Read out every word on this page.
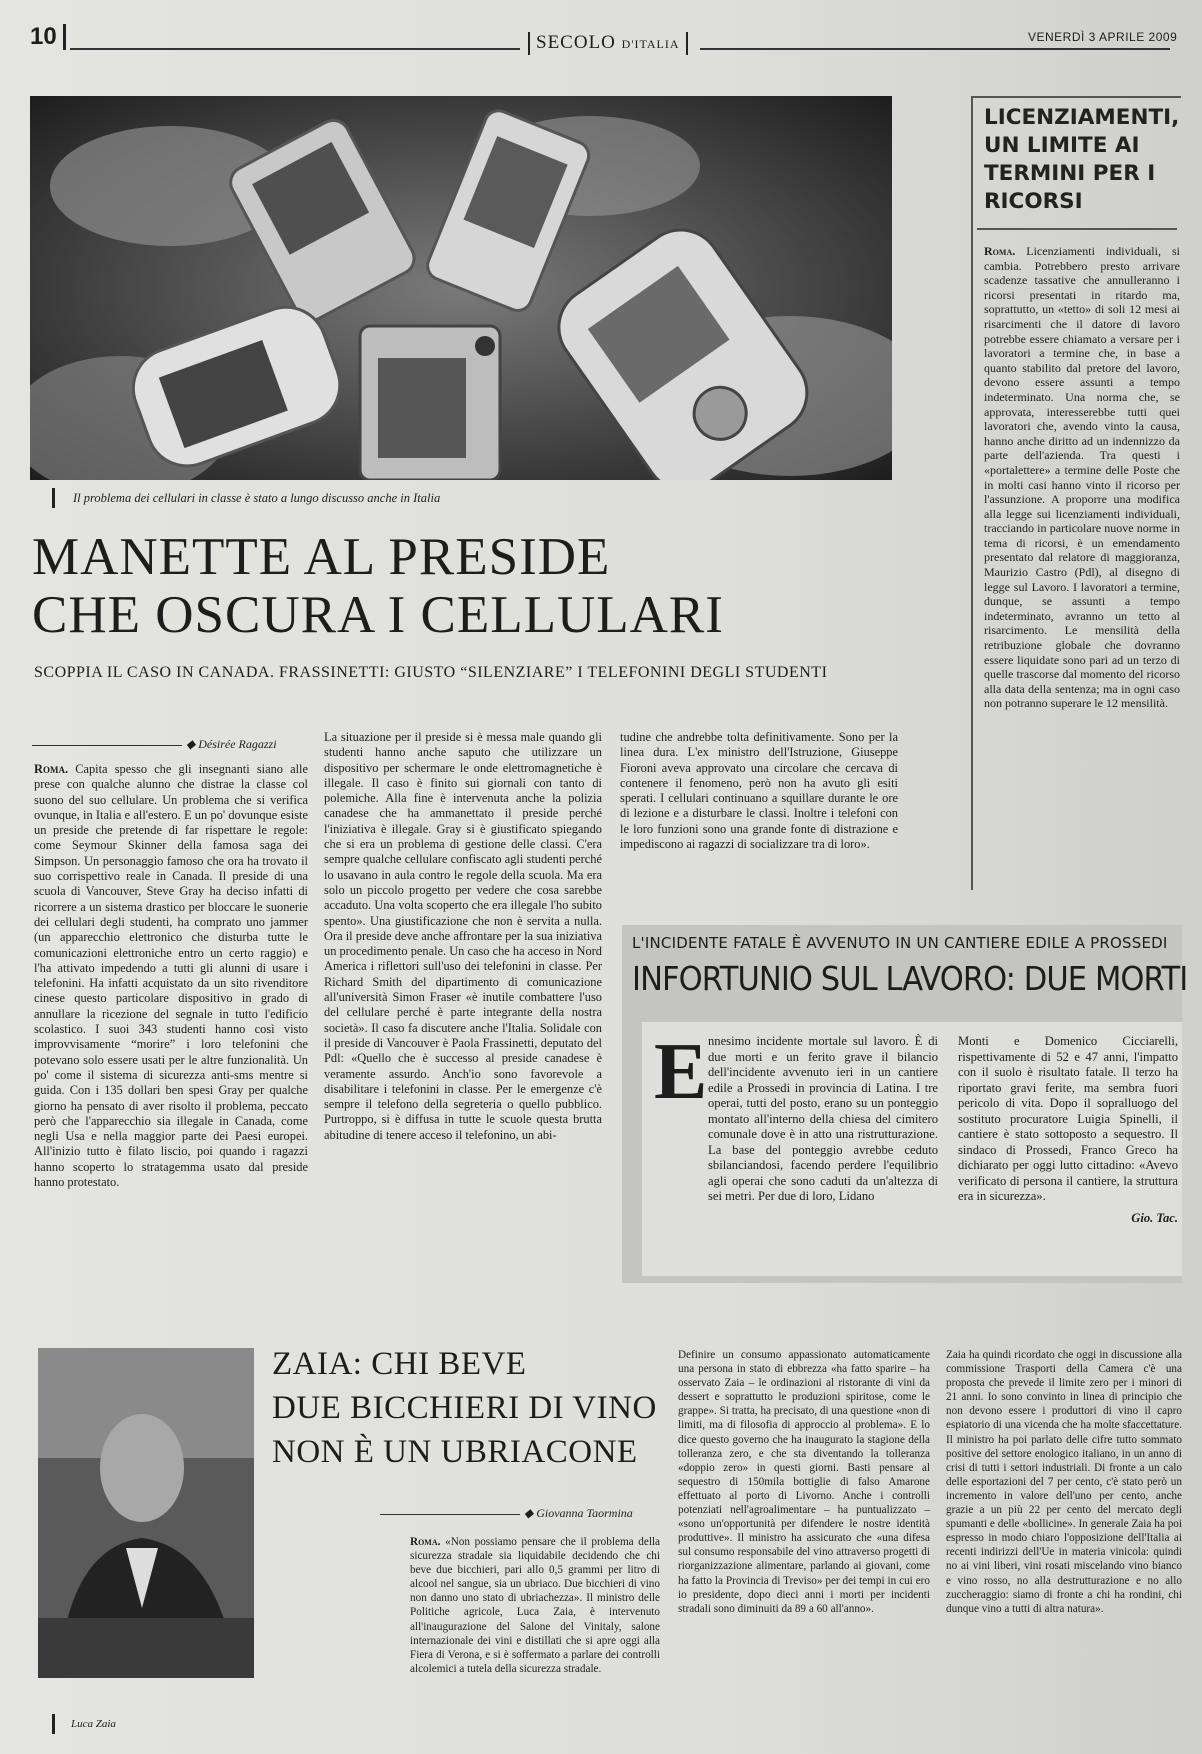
10	SECOLO D'ITALIA	VENERDÌ 3 APRILE 2009
Il problema dei cellulari in classe è stato a lungo discusso anche in Italia
MANETTE AL PRESIDE
CHE OSCURA I CELLULARI
SCOPPIA IL CASO IN CANADA. FRASSINETTI: GIUSTO “SILENZIARE” I TELEFONINI DEGLI STUDENTI
◆ Désirée Ragazzi
Roma. Capita spesso che gli insegnanti siano alle prese con qualche alunno che distrae la classe col suono del suo cellulare. Un problema che si verifica ovunque, in Italia e all'estero. E un po' dovunque esiste un preside che pretende di far rispettare le regole: come Seymour Skinner della famosa saga dei Simpson. Un personaggio famoso che ora ha trovato il suo corrispettivo reale in Canada. Il preside di una scuola di Vancouver, Steve Gray ha deciso infatti di ricorrere a un sistema drastico per bloccare le suonerie dei cellulari degli studenti, ha comprato uno jammer (un apparecchio elettronico che disturba tutte le comunicazioni elettroniche entro un certo raggio) e l'ha attivato impedendo a tutti gli alunni di usare i telefonini. Ha infatti acquistato da un sito rivenditore cinese questo particolare dispositivo in grado di annullare la ricezione del segnale in tutto l'edificio scolastico. I suoi 343 studenti hanno così visto improvvisamente “morire” i loro telefonini che potevano solo essere usati per le altre funzionalità. Un po' come il sistema di sicurezza anti-sms mentre si guida. Con i 135 dollari ben spesi Gray per qualche giorno ha pensato di aver risolto il problema, peccato però che l'apparecchio sia illegale in Canada, come negli Usa e nella maggior parte dei Paesi europei. All'inizio tutto è filato liscio, poi quando i ragazzi hanno scoperto lo stratagemma usato dal preside hanno protestato.
La situazione per il preside si è messa male quando gli studenti hanno anche saputo che utilizzare un dispositivo per schermare le onde elettromagnetiche è illegale. Il caso è finito sui giornali con tanto di polemiche. Alla fine è intervenuta anche la polizia canadese che ha ammanettato il preside perché l'iniziativa è illegale. Gray si è giustificato spiegando che si era un problema di gestione delle classi. C'era sempre qualche cellulare confiscato agli studenti perché lo usavano in aula contro le regole della scuola. Ma era solo un piccolo progetto per vedere che cosa sarebbe accaduto. Una volta scoperto che era illegale l'ho subito spento». Una giustificazione che non è servita a nulla. Ora il preside deve anche affrontare per la sua iniziativa un procedimento penale. Un caso che ha acceso in Nord America i riflettori sull'uso dei telefonini in classe. Per Richard Smith del dipartimento di comunicazione all'università Simon Fraser «è inutile combattere l'uso del cellulare perché è parte integrante della nostra società». Il caso fa discutere anche l'Italia. Solidale con il preside di Vancouver è Paola Frassinetti, deputato del Pdl: «Quello che è successo al preside canadese è veramente assurdo. Anch'io sono favorevole a disabilitare i telefonini in classe. Per le emergenze c'è sempre il telefono della segreteria o quello pubblico. Purtroppo, si è diffusa in tutte le scuole questa brutta abitudine di tenere acceso il telefonino, un abi-
tudine che andrebbe tolta definitivamente. Sono per la linea dura. L'ex ministro dell'Istruzione, Giuseppe Fioroni aveva approvato una circolare che cercava di contenere il fenomeno, però non ha avuto gli esiti sperati. I cellulari continuano a squillare durante le ore di lezione e a disturbare le classi. Inoltre i telefoni con le loro funzioni sono una grande fonte di distrazione e impediscono ai ragazzi di socializzare tra di loro».
LICENZIAMENTI, UN LIMITE AI TERMINI PER I RICORSI
Roma. Licenziamenti individuali, si cambia. Potrebbero presto arrivare scadenze tassative che annulleranno i ricorsi presentati in ritardo ma, soprattutto, un «tetto» di soli 12 mesi ai risarcimenti che il datore di lavoro potrebbe essere chiamato a versare per i lavoratori a termine che, in base a quanto stabilito dal pretore del lavoro, devono essere assunti a tempo indeterminato. Una norma che, se approvata, interesserebbe tutti quei lavoratori che, avendo vinto la causa, hanno anche diritto ad un indennizzo da parte dell'azienda. Tra questi i «portalettere» a termine delle Poste che in molti casi hanno vinto il ricorso per l'assunzione. A proporre una modifica alla legge sui licenziamenti individuali, tracciando in particolare nuove norme in tema di ricorsi, è un emendamento presentato dal relatore di maggioranza, Maurizio Castro (Pdl), al disegno di legge sul Lavoro. I lavoratori a termine, dunque, se assunti a tempo indeterminato, avranno un tetto al risarcimento. Le mensilità della retribuzione globale che dovranno essere liquidate sono pari ad un terzo di quelle trascorse dal momento del ricorso alla data della sentenza; ma in ogni caso non potranno superare le 12 mensilità.
L'INCIDENTE FATALE È AVVENUTO IN UN CANTIERE EDILE A PROSSEDI
INFORTUNIO SUL LAVORO: DUE MORTI
E nnesimo incidente mortale sul lavoro. È di due morti e un ferito grave il bilancio dell'incidente avvenuto ieri in un cantiere edile a Prossedi in provincia di Latina. I tre operai, tutti del posto, erano su un ponteggio montato all'interno della chiesa del cimitero comunale dove è in atto una ristrutturazione. La base del ponteggio avrebbe ceduto sbilanciandosi, facendo perdere l'equilibrio agli operai che sono caduti da un'altezza di sei metri. Per due di loro, Lidano
Monti e Domenico Cicciarelli, rispettivamente di 52 e 47 anni, l'impatto con il suolo è risultato fatale. Il terzo ha riportato gravi ferite, ma sembra fuori pericolo di vita. Dopo il sopralluogo del sostituto procuratore Luigia Spinelli, il cantiere è stato sottoposto a sequestro. Il sindaco di Prossedi, Franco Greco ha dichiarato per oggi lutto cittadino: «Avevo verificato di persona il cantiere, la struttura era in sicurezza».
Gio. Tac.
Luca Zaia
ZAIA: CHI BEVE
DUE BICCHIERI DI VINO
NON È UN UBRIACONE
◆ Giovanna Taormina
Roma. «Non possiamo pensare che il problema della sicurezza stradale sia liquidabile decidendo che chi beve due bicchieri, pari allo 0,5 grammi per litro di alcool nel sangue, sia un ubriaco. Due bicchieri di vino non danno uno stato di ubriachezza». Il ministro delle Politiche agricole, Luca Zaia, è intervenuto all'inaugurazione del Salone del Vinitaly, salone internazionale dei vini e distillati che si apre oggi alla Fiera di Verona, e si è soffermato a parlare dei controlli alcolemici a tutela della sicurezza stradale.
Definire un consumo appassionato automaticamente una persona in stato di ebbrezza «ha fatto sparire – ha osservato Zaia – le ordinazioni al ristorante di vini da dessert e soprattutto le produzioni spiritose, come le grappe». Si tratta, ha precisato, di una questione «non di limiti, ma di filosofia di approccio al problema». E lo dice questo governo che ha inaugurato la stagione della tolleranza zero, e che sta diventando la tolleranza «doppio zero» in questi giorni. Basti pensare al sequestro di 150mila bottiglie di falso Amarone effettuato al porto di Livorno. Anche i controlli potenziati nell'agroalimentare – ha puntualizzato – «sono un'opportunità per difendere le nostre identità produttive». Il ministro ha assicurato che «una difesa sul consumo responsabile del vino attraverso progetti di riorganizzazione alimentare, parlando ai giovani, come ha fatto la Provincia di Treviso» per dei tempi in cui ero io presidente, dopo dieci anni i morti per incidenti stradali sono diminuiti da 89 a 60 all'anno».
Zaia ha quindi ricordato che oggi in discussione alla commissione Trasporti della Camera c'è una proposta che prevede il limite zero per i minori di 21 anni. Io sono convinto in linea di principio che non devono essere i produttori di vino il capro espiatorio di una vicenda che ha molte sfaccettature. Il ministro ha poi parlato delle cifre tutto sommato positive del settore enologico italiano, in un anno di crisi di tutti i settori industriali. Di fronte a un calo delle esportazioni del 7 per cento, c'è stato però un incremento in valore dell'uno per cento, anche grazie a un più 22 per cento del mercato degli spumanti e delle «bollicine». In generale Zaia ha poi espresso in modo chiaro l'opposizione dell'Italia ai recenti indirizzi dell'Ue in materia vinicola: quindi no ai vini liberi, vini rosati miscelando vino bianco e vino rosso, no alla destrutturazione e no allo zuccheraggio: siamo di fronte a chi ha rondini, chi dunque vino a tutti di altra natura».
